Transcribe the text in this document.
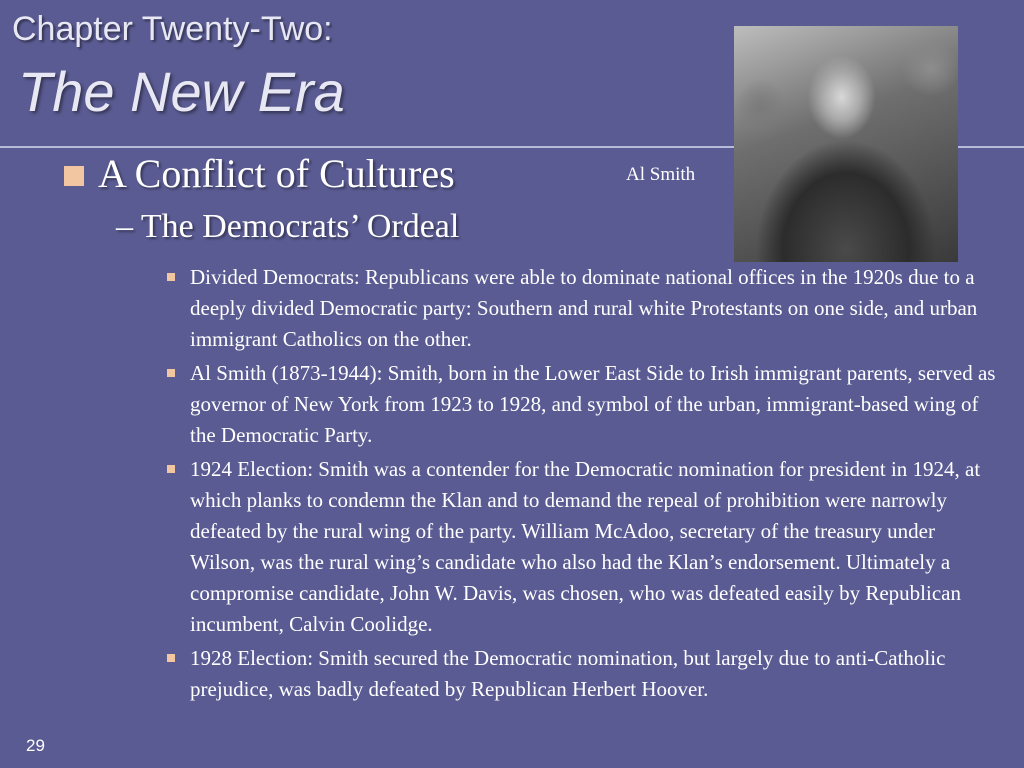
Chapter Twenty-Two:
The New Era
Al Smith
A Conflict of Cultures
– The Democrats’ Ordeal
Divided Democrats: Republicans were able to dominate national offices in the 1920s due to a deeply divided Democratic party: Southern and rural white Protestants on one side, and urban immigrant Catholics on the other.
Al Smith (1873-1944): Smith, born in the Lower East Side to Irish immigrant parents, served as governor of New York from 1923 to 1928, and symbol of the urban, immigrant-based wing of the Democratic Party.
1924 Election: Smith was a contender for the Democratic nomination for president in 1924, at which planks to condemn the Klan and to demand the repeal of prohibition were narrowly defeated by the rural wing of the party. William McAdoo, secretary of the treasury under Wilson, was the rural wing’s candidate who also had the Klan’s endorsement. Ultimately a compromise candidate, John W. Davis, was chosen, who was defeated easily by Republican incumbent, Calvin Coolidge.
1928 Election: Smith secured the Democratic nomination, but largely due to anti-Catholic prejudice, was badly defeated by Republican Herbert Hoover.
29
